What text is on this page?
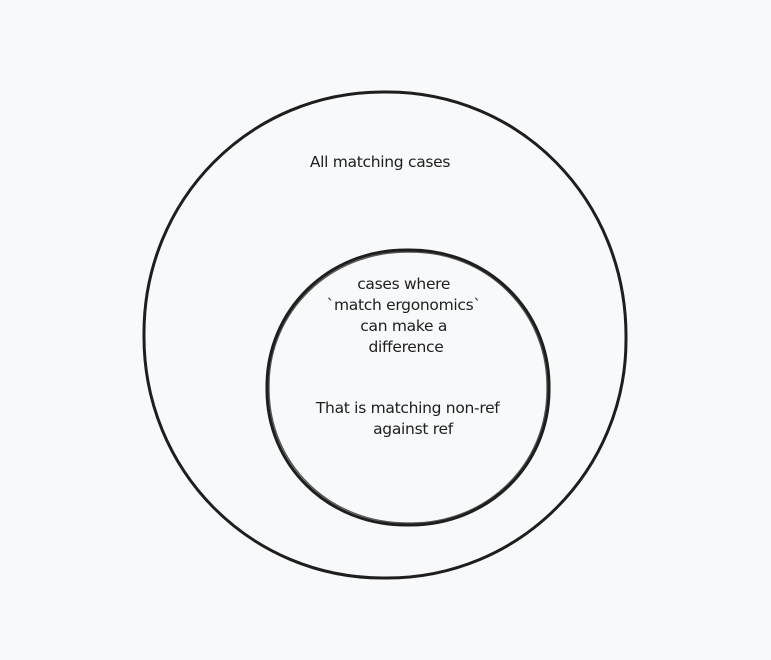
All matching cases
cases where `match ergonomics` can make a difference
That is matching non-ref against ref
